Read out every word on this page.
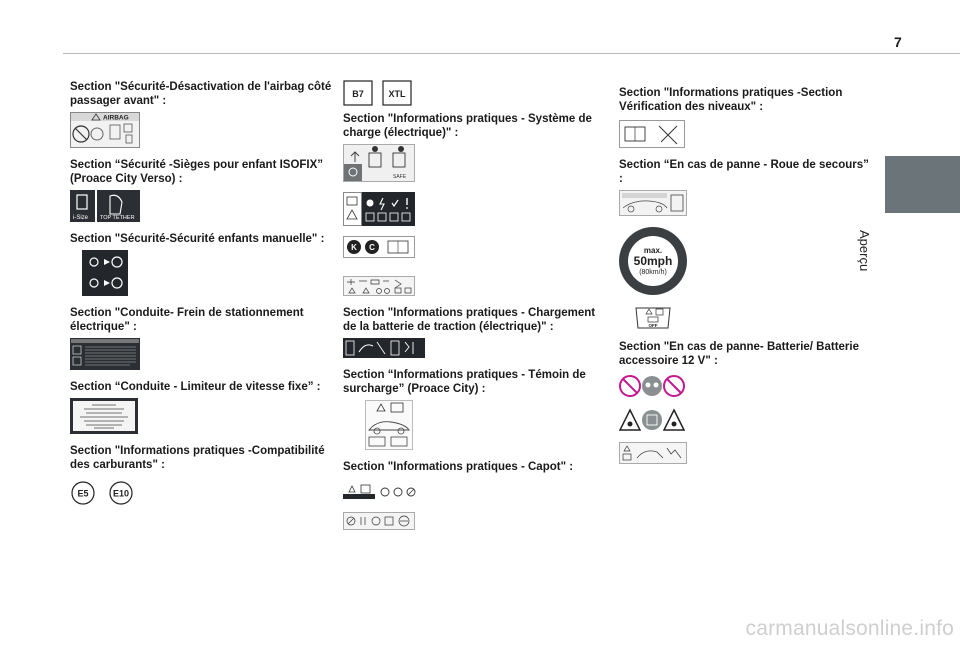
7
Aperçu
Section "Sécurité-Désactivation de l'airbag côté passager avant" :
AIRBAG
Section “Sécurité -Sièges pour enfant ISOFIX” (Proace City Verso) :
i-Size TOP TETHER
Section "Sécurité-Sécurité enfants manuelle" :
Section "Conduite- Frein de stationnement électrique" :
Section “Conduite - Limiteur de vitesse fixe” :
Section "Informations pratiques -Compatibilité des carburants" :
E5	E10
B7	XTL
Section "Informations pratiques - Système de charge (électrique)" :
SAFE
K C
Section "Informations pratiques - Chargement de la batterie de traction (électrique)" :
Section “Informations pratiques - Témoin de surcharge” (Proace City) :
Section "Informations pratiques - Capot" :
Section "Informations pratiques -Section Vérification des niveaux" :
Section “En cas de panne - Roue de secours” :
max.
50mph
(80km/h)
OFF
Section "En cas de panne- Batterie/ Batterie accessoire 12 V" :
carmanualsonline.info
